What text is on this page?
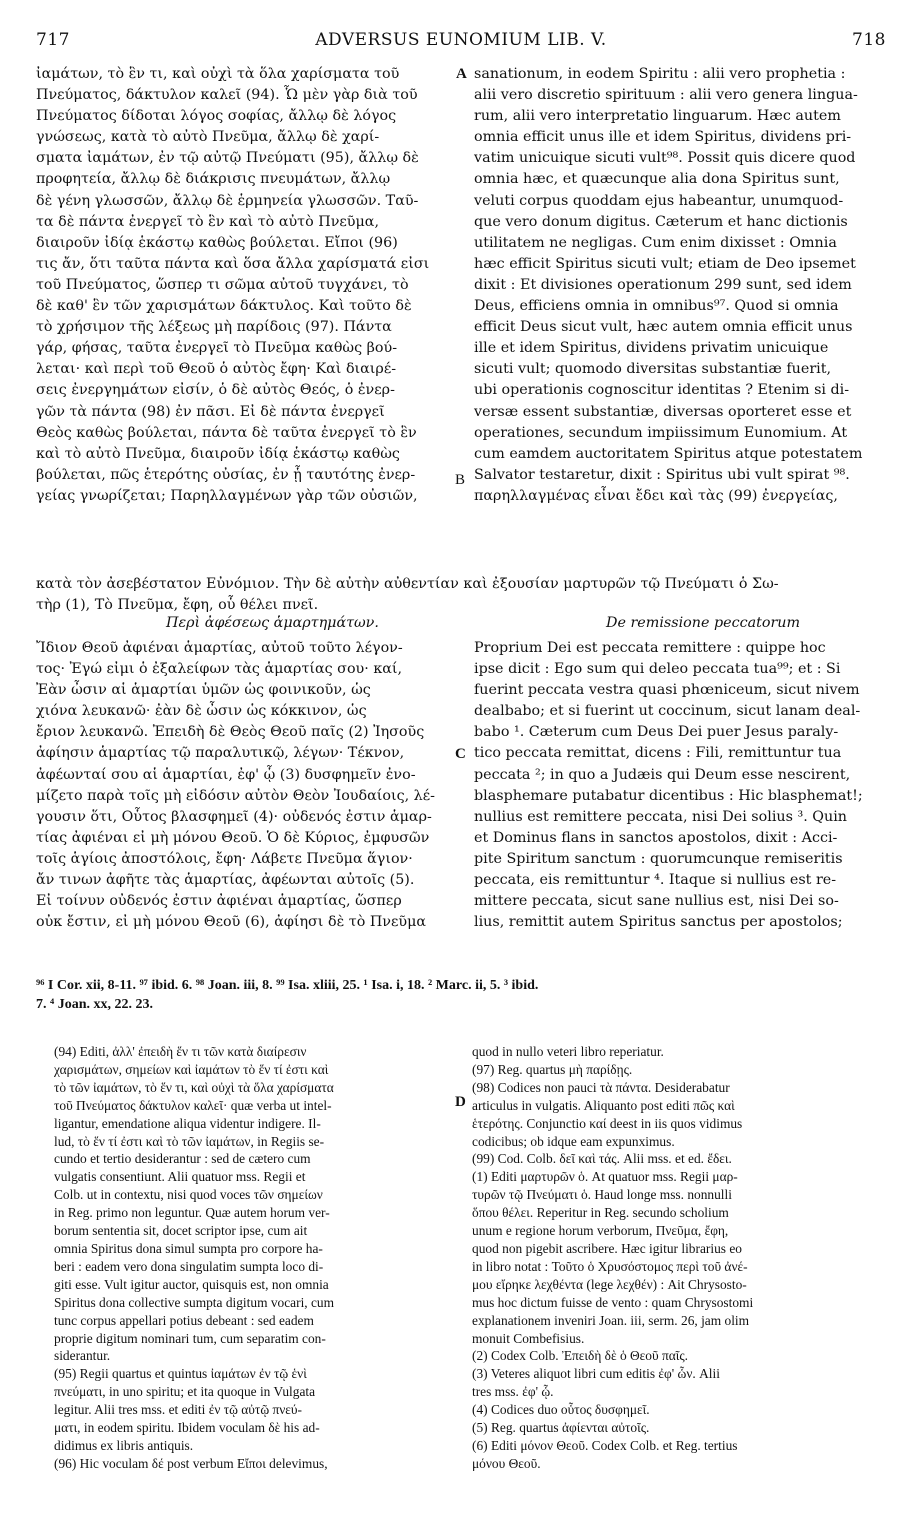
717	ADVERSUS EUNOMIUM LIB. V.	718
A
B
C
D
ἰαμάτων, τὸ ἓν τι, καὶ οὐχὶ τὰ ὅλα χαρίσματα τοῦ
Πνεύματος, δάκτυλον καλεῖ (94). Ὧ μὲν γὰρ διὰ τοῦ
Πνεύματος δίδοται λόγος σοφίας, ἄλλῳ δὲ λόγος
γνώσεως, κατὰ τὸ αὐτὸ Πνεῦμα, ἄλλῳ δὲ χαρί-
σματα ἰαμάτων, ἐν τῷ αὐτῷ Πνεύματι (95), ἄλλῳ δὲ
προφητεία, ἄλλῳ δὲ διάκρισις πνευμάτων, ἄλλῳ
δὲ γένη γλωσσῶν, ἄλλῳ δὲ ἑρμηνεία γλωσσῶν. Ταῦ-
τα δὲ πάντα ἐνεργεῖ τὸ ἓν καὶ τὸ αὐτὸ Πνεῦμα,
διαιροῦν ἰδίᾳ ἑκάστῳ καθὼς βούλεται. Εἴποι (96)
τις ἄν, ὅτι ταῦτα πάντα καὶ ὅσα ἄλλα χαρίσματά εἰσι
τοῦ Πνεύματος, ὥσπερ τι σῶμα αὐτοῦ τυγχάνει, τὸ
δὲ καθ' ἓν τῶν χαρισμάτων δάκτυλος. Καὶ τοῦτο δὲ
τὸ χρήσιμον τῆς λέξεως μὴ παρίδοις (97). Πάντα
γάρ, φήσας, ταῦτα ἐνεργεῖ τὸ Πνεῦμα καθὼς βού-
λεται· καὶ περὶ τοῦ Θεοῦ ὁ αὐτὸς ἔφη· Καὶ διαιρέ-
σεις ἐνεργημάτων εἰσίν, ὁ δὲ αὐτὸς Θεός, ὁ ἐνερ-
γῶν τὰ πάντα (98) ἐν πᾶσι. Εἰ δὲ πάντα ἐνεργεῖ
Θεὸς καθὼς βούλεται, πάντα δὲ ταῦτα ἐνεργεῖ τὸ ἓν
καὶ τὸ αὐτὸ Πνεῦμα, διαιροῦν ἰδίᾳ ἑκάστῳ καθὼς
βούλεται, πῶς ἑτερότης οὐσίας, ἐν ᾗ ταυτότης ἐνερ-
γείας γνωρίζεται; Παρηλλαγμένων γὰρ τῶν οὐσιῶν,
sanationum, in eodem Spiritu : alii vero prophetia :
alii vero discretio spirituum : alii vero genera lingua-
rum, alii vero interpretatio linguarum. Hæc autem
omnia efficit unus ille et idem Spiritus, dividens pri-
vatim unicuique sicuti vult⁹⁸. Possit quis dicere quod
omnia hæc, et quæcunque alia dona Spiritus sunt,
veluti corpus quoddam ejus habeantur, unumquod-
que vero donum digitus. Cæterum et hanc dictionis
utilitatem ne negligas. Cum enim dixisset : Omnia
hæc efficit Spiritus sicuti vult; etiam de Deo ipsemet
dixit : Et divisiones operationum 299 sunt, sed idem
Deus, efficiens omnia in omnibus⁹⁷. Quod si omnia
efficit Deus sicut vult, hæc autem omnia efficit unus
ille et idem Spiritus, dividens privatim unicuique
sicuti vult; quomodo diversitas substantiæ fuerit,
ubi operationis cognoscitur identitas ? Etenim si di-
versæ essent substantiæ, diversas oporteret esse et
operationes, secundum impiissimum Eunomium. At
cum eamdem auctoritatem Spiritus atque potestatem
Salvator testaretur, dixit : Spiritus ubi vult spirat ⁹⁸.
παρηλλαγμένας εἶναι ἔδει καὶ τὰς (99) ἐνεργείας,
κατὰ τὸν ἀσεβέστατον Εὐνόμιον. Τὴν δὲ αὐτὴν αὐθεντίαν καὶ ἐξουσίαν μαρτυρῶν τῷ Πνεύματι ὁ Σω-
τὴρ (1), Τὸ Πνεῦμα, ἔφη, οὗ θέλει πνεῖ.
Περὶ ἀφέσεως ἁμαρτημάτων.	De remissione peccatorum
Ἴδιον Θεοῦ ἀφιέναι ἁμαρτίας, αὐτοῦ τοῦτο λέγον-
τος· Ἐγώ εἰμι ὁ ἐξαλείφων τὰς ἁμαρτίας σου· καί,
Ἐὰν ὦσιν αἱ ἁμαρτίαι ὑμῶν ὡς φοινικοῦν, ὡς
χιόνα λευκανῶ· ἐὰν δὲ ὦσιν ὡς κόκκινον, ὡς
ἔριον λευκανῶ. Ἐπειδὴ δὲ Θεὸς Θεοῦ παῖς (2) Ἰησοῦς
ἀφίησιν ἁμαρτίας τῷ παραλυτικῷ, λέγων· Τέκνον,
ἀφέωνταί σου αἱ ἁμαρτίαι, ἐφ' ᾧ (3) δυσφημεῖν ἐνο-
μίζετο παρὰ τοῖς μὴ εἰδόσιν αὐτὸν Θεὸν Ἰουδαίοις, λέ-
γουσιν ὅτι, Οὗτος βλασφημεῖ (4)· οὐδενός ἐστιν ἁμαρ-
τίας ἀφιέναι εἰ μὴ μόνου Θεοῦ. Ὁ δὲ Κύριος, ἐμφυσῶν
τοῖς ἁγίοις ἀποστόλοις, ἔφη· Λάβετε Πνεῦμα ἅγιον·
ἄν τινων ἀφῆτε τὰς ἁμαρτίας, ἀφέωνται αὐτοῖς (5).
Εἰ τοίνυν οὐδενός ἐστιν ἀφιέναι ἁμαρτίας, ὥσπερ
οὐκ ἔστιν, εἰ μὴ μόνου Θεοῦ (6), ἀφίησι δὲ τὸ Πνεῦμα
Proprium Dei est peccata remittere : quippe hoc
ipse dicit : Ego sum qui deleo peccata tua⁹⁹; et : Si
fuerint peccata vestra quasi phœniceum, sicut nivem
dealbabo; et si fuerint ut coccinum, sicut lanam deal-
babo ¹. Cæterum cum Deus Dei puer Jesus paraly-
tico peccata remittat, dicens : Fili, remittuntur tua
peccata ²; in quo a Judæis qui Deum esse nescirent,
blasphemare putabatur dicentibus : Hic blasphemat!;
nullius est remittere peccata, nisi Dei solius ³. Quin
et Dominus flans in sanctos apostolos, dixit : Acci-
pite Spiritum sanctum : quorumcunque remiseritis
peccata, eis remittuntur ⁴. Itaque si nullius est re-
mittere peccata, sicut sane nullius est, nisi Dei so-
lius, remittit autem Spiritus sanctus per apostolos;
⁹⁶ I Cor. xii, 8-11. ⁹⁷ ibid. 6. ⁹⁸ Joan. iii, 8. ⁹⁹ Isa. xliii, 25. ¹ Isa. i, 18. ² Marc. ii, 5. ³ ibid.
7. ⁴ Joan. xx, 22. 23.
(94) Editi, ἀλλ' ἐπειδὴ ἕν τι τῶν κατὰ διαίρεσιν
χαρισμάτων, σημείων καὶ ἰαμάτων τὸ ἕν τί ἐστι καὶ
τὸ τῶν ἰαμάτων, τὸ ἕν τι, καὶ οὐχὶ τὰ ὅλα χαρίσματα
τοῦ Πνεύματος δάκτυλον καλεῖ· quæ verba ut intel-
ligantur, emendatione aliqua videntur indigere. Il-
lud, τὸ ἕν τί ἐστι καὶ τὸ τῶν ἰαμάτων, in Regiis se-
cundo et tertio desiderantur : sed de cætero cum
vulgatis consentiunt. Alii quatuor mss. Regii et
Colb. ut in contextu, nisi quod voces τῶν σημείων
in Reg. primo non leguntur. Quæ autem horum ver-
borum sententia sit, docet scriptor ipse, cum ait
omnia Spiritus dona simul sumpta pro corpore ha-
beri : eadem vero dona singulatim sumpta loco di-
giti esse. Vult igitur auctor, quisquis est, non omnia
Spiritus dona collective sumpta digitum vocari, cum
tunc corpus appellari potius debeant : sed eadem
proprie digitum nominari tum, cum separatim con-
siderantur.
(95) Regii quartus et quintus ἰαμάτων ἐν τῷ ἑνὶ
πνεύματι, in uno spiritu; et ita quoque in Vulgata
legitur. Alii tres mss. et editi ἐν τῷ αὐτῷ πνεύ-
ματι, in eodem spiritu. Ibidem voculam δὲ his ad-
didimus ex libris antiquis.
(96) Hic voculam δέ post verbum Εἴποι delevimus,
quod in nullo veteri libro reperiatur.
(97) Reg. quartus μὴ παρίδῃς.
(98) Codices non pauci τὰ πάντα. Desiderabatur
articulus in vulgatis. Aliquanto post editi πῶς καὶ
ἑτερότης. Conjunctio καί deest in iis quos vidimus
codicibus; ob idque eam expunximus.
(99) Cod. Colb. δεῖ καὶ τάς. Alii mss. et ed. ἔδει.
(1) Editi μαρτυρῶν ὁ. At quatuor mss. Regii μαρ-
τυρῶν τῷ Πνεύματι ὁ. Haud longe mss. nonnulli
ὅπου θέλει. Reperitur in Reg. secundo scholium
unum e regione horum verborum, Πνεῦμα, ἔφη,
quod non pigebit ascribere. Hæc igitur librarius eo
in libro notat : Τοῦτο ὁ Χρυσόστομος περὶ τοῦ ἀνέ-
μου εἴρηκε λεχθέντα (lege λεχθέν) : Ait Chrysosto-
mus hoc dictum fuisse de vento : quam Chrysostomi
explanationem inveniri Joan. iii, serm. 26, jam olim
monuit Combefisius.
(2) Codex Colb. Ἐπειδὴ δὲ ὁ Θεοῦ παῖς.
(3) Veteres aliquot libri cum editis ἐφ' ὧν. Alii
tres mss. ἐφ' ᾧ.
(4) Codices duo οὗτος δυσφημεῖ.
(5) Reg. quartus ἀφίενται αὐτοῖς.
(6) Editi μόνον Θεοῦ. Codex Colb. et Reg. tertius
μόνου Θεοῦ.
